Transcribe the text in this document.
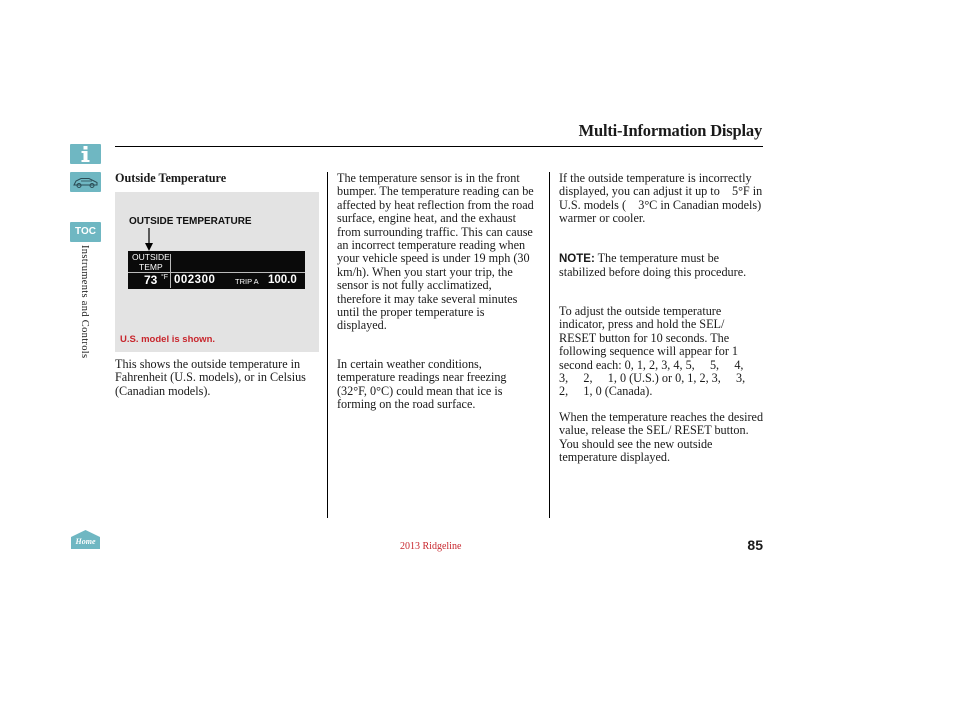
Multi-Information Display
TOC
Instruments and Controls
Home
Outside Temperature
OUTSIDE TEMPERATURE
OUTSIDE
TEMP
73 °F 002300	TRIP A 100.0
U.S. model is shown.
This shows the outside temperature in Fahrenheit (U.S. models), or in Celsius (Canadian models).
The temperature sensor is in the front bumper. The temperature reading can be affected by heat reflection from the road surface, engine heat, and the exhaust from surrounding traffic. This can cause an incorrect temperature reading when your vehicle speed is under 19 mph (30 km/h). When you start your trip, the sensor is not fully acclimatized, therefore it may take several minutes until the proper temperature is displayed.
In certain weather conditions, temperature readings near freezing (32°F, 0°C) could mean that ice is forming on the road surface.
If the outside temperature is incorrectly displayed, you can adjust it up to    5°F in U.S. models (    3°C in Canadian models) warmer or cooler.
NOTE: The temperature must be stabilized before doing this procedure.
To adjust the outside temperature indicator, press and hold the SEL/ RESET button for 10 seconds. The following sequence will appear for 1 second each: 0, 1, 2, 3, 4, 5,     5,     4,     3,     2,     1, 0 (U.S.) or 0, 1, 2, 3,     3,     2,     1, 0 (Canada).
When the temperature reaches the desired value, release the SEL/ RESET button. You should see the new outside temperature displayed.
2013 Ridgeline	85
